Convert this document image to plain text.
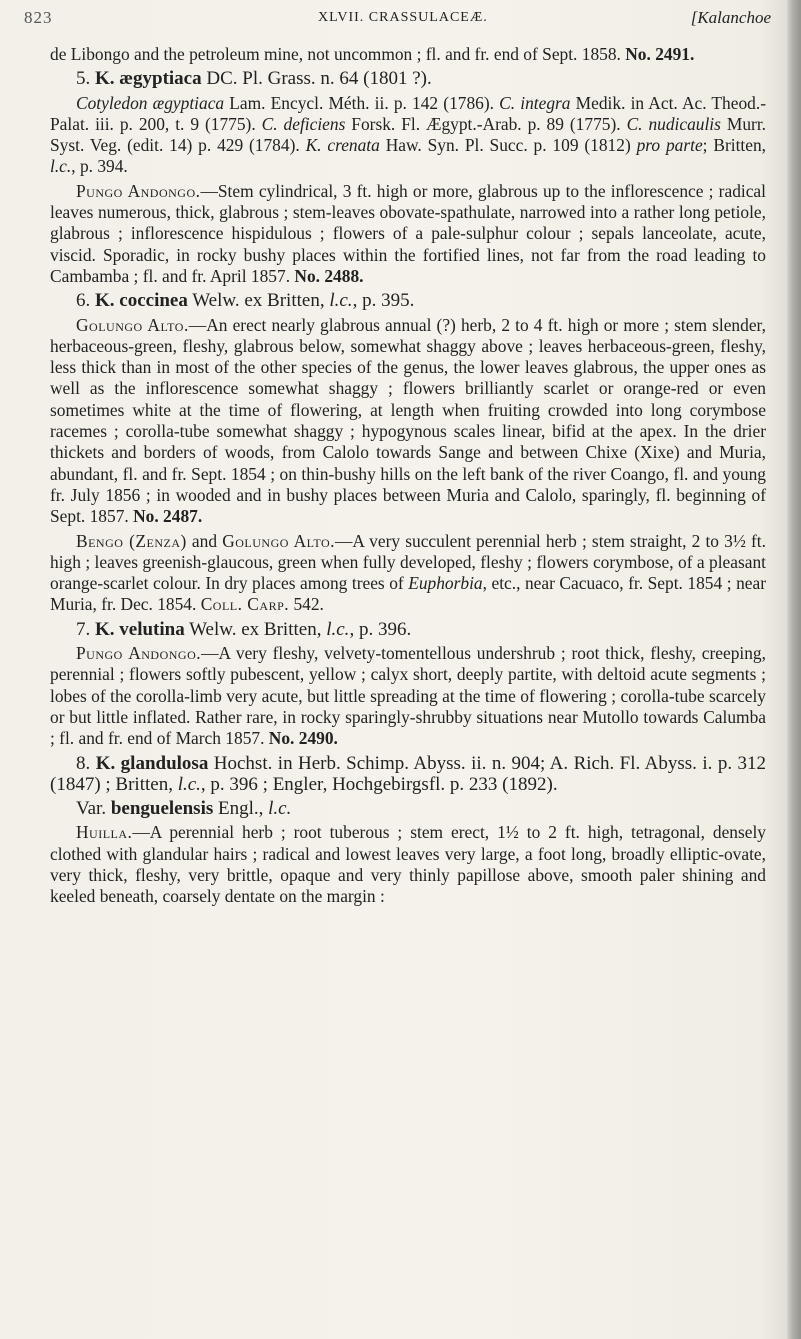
823	XLVII. CRASSULACEÆ.	[Kalanchoe

de Libongo and the petroleum mine, not uncommon ; fl. and fr. end of Sept. 1858. No. 2491.

5. K. ægyptiaca DC. Pl. Grass. n. 64 (1801 ?).

Cotyledon ægyptiaca Lam. Encycl. Méth. ii. p. 142 (1786). C. integra Medik. in Act. Ac. Theod.-Palat. iii. p. 200, t. 9 (1775). C. deficiens Forsk. Fl. Ægypt.-Arab. p. 89 (1775). C. nudicaulis Murr. Syst. Veg. (edit. 14) p. 429 (1784). K. crenata Haw. Syn. Pl. Succ. p. 109 (1812) pro parte; Britten, l.c., p. 394.

Pungo Andongo.—Stem cylindrical, 3 ft. high or more, glabrous up to the inflorescence ; radical leaves numerous, thick, glabrous ; stem-leaves obovate-spathulate, narrowed into a rather long petiole, glabrous ; inflorescence hispidulous ; flowers of a pale-sulphur colour ; sepals lanceolate, acute, viscid. Sporadic, in rocky bushy places within the fortified lines, not far from the road leading to Cambamba ; fl. and fr. April 1857. No. 2488.

6. K. coccinea Welw. ex Britten, l.c., p. 395.

Golungo Alto.—An erect nearly glabrous annual (?) herb, 2 to 4 ft. high or more ; stem slender, herbaceous-green, fleshy, glabrous below, somewhat shaggy above ; leaves herbaceous-green, fleshy, less thick than in most of the other species of the genus, the lower leaves glabrous, the upper ones as well as the inflorescence somewhat shaggy ; flowers brilliantly scarlet or orange-red or even sometimes white at the time of flowering, at length when fruiting crowded into long corymbose racemes ; corolla-tube somewhat shaggy ; hypogynous scales linear, bifid at the apex. In the drier thickets and borders of woods, from Calolo towards Sange and between Chixe (Xixe) and Muria, abundant, fl. and fr. Sept. 1854 ; on thin-bushy hills on the left bank of the river Coango, fl. and young fr. July 1856 ; in wooded and in bushy places between Muria and Calolo, sparingly, fl. beginning of Sept. 1857. No. 2487.

Bengo (Zenza) and Golungo Alto.—A very succulent perennial herb ; stem straight, 2 to 3½ ft. high ; leaves greenish-glaucous, green when fully developed, fleshy ; flowers corymbose, of a pleasant orange-scarlet colour. In dry places among trees of Euphorbia, etc., near Cacuaco, fr. Sept. 1854 ; near Muria, fr. Dec. 1854. Coll. Carp. 542.

7. K. velutina Welw. ex Britten, l.c., p. 396.

Pungo Andongo.—A very fleshy, velvety-tomentellous undershrub ; root thick, fleshy, creeping, perennial ; flowers softly pubescent, yellow ; calyx short, deeply partite, with deltoid acute segments ; lobes of the corolla-limb very acute, but little spreading at the time of flowering ; corolla-tube scarcely or but little inflated. Rather rare, in rocky sparingly-shrubby situations near Mutollo towards Calumba ; fl. and fr. end of March 1857. No. 2490.

8. K. glandulosa Hochst. in Herb. Schimp. Abyss. ii. n. 904; A. Rich. Fl. Abyss. i. p. 312 (1847) ; Britten, l.c., p. 396 ; Engler, Hochgebirgsfl. p. 233 (1892).

Var. benguelensis Engl., l.c.

Huilla.—A perennial herb ; root tuberous ; stem erect, 1½ to 2 ft. high, tetragonal, densely clothed with glandular hairs ; radical and lowest leaves very large, a foot long, broadly elliptic-ovate, very thick, fleshy, very brittle, opaque and very thinly papillose above, smooth paler shining and keeled beneath, coarsely dentate on the margin :
